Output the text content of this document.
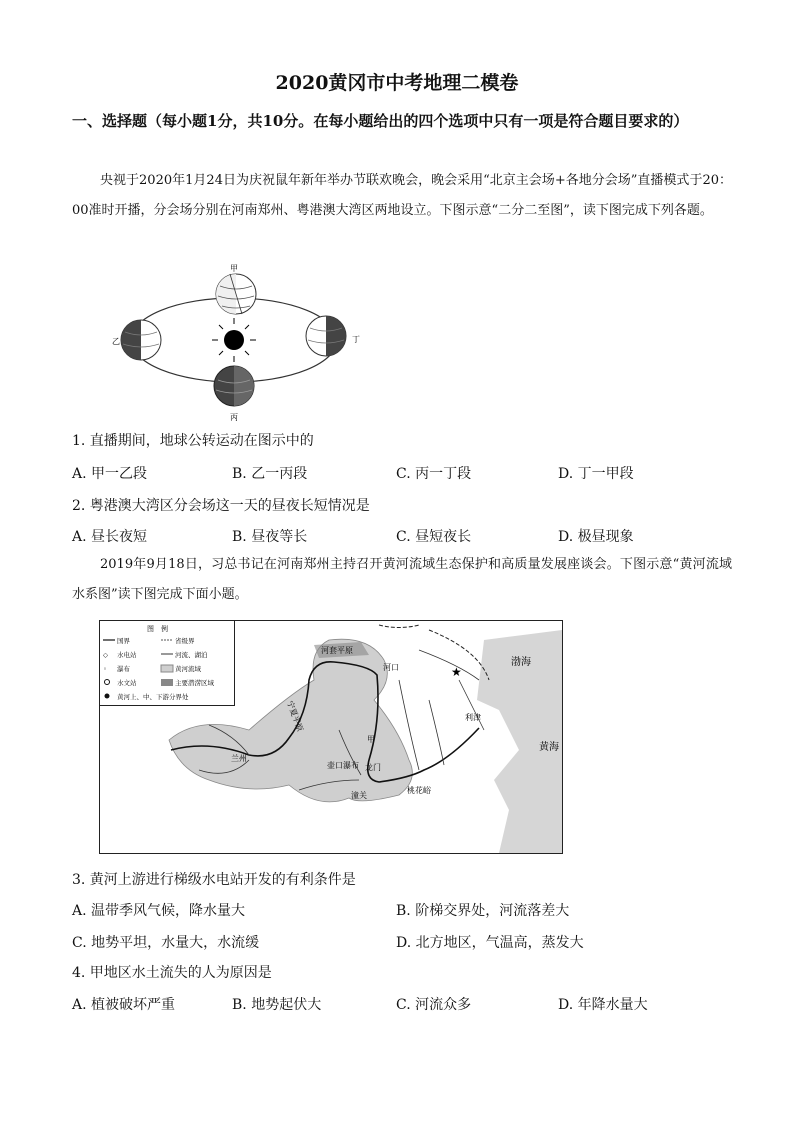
2020黄冈市中考地理二模卷
一、选择题（每小题1分，共10分。在每小题给出的四个选项中只有一项是符合题目要求的）
央视于2020年1月24日为庆祝鼠年新年举办节联欢晚会，晚会采用“北京主会场+各地分会场”直播模式于20：00准时开播，分会场分别在河南郑州、粤港澳大湾区两地设立。下图示意“二分二至图”，读下图完成下列各题。
甲
乙
丙
丁
1. 直播期间，地球公转运动在图示中的
A. 甲一乙段	B. 乙一丙段	C. 丙一丁段	D. 丁一甲段
2. 粤港澳大湾区分会场这一天的昼夜长短情况是
A. 昼长夜短	B. 昼夜等长	C. 昼短夜长	D. 极昼现象
2019年9月18日，习总书记在河南郑州主持召开黄河流域生态保护和高质量发展座谈会。下图示意“黄河流域水系图”读下图完成下面小题。
★
图　例
国界	省级界
◇ 水电站	河流、湖泊
◦ 瀑布	黄河流域
水文站	主要潜涝区域
黄河上、中、下游分界处
河套平原
河口
宁夏平原
兰州
甲
壶口瀑布 龙门
潼关
桃花峪
利津
渤海
黄海
3. 黄河上游进行梯级水电站开发的有利条件是
A. 温带季风气候，降水量大	B. 阶梯交界处，河流落差大
C. 地势平坦，水量大，水流缓	D. 北方地区，气温高，蒸发大
4. 甲地区水土流失的人为原因是
A. 植被破坏严重	B. 地势起伏大	C. 河流众多	D. 年降水量大
